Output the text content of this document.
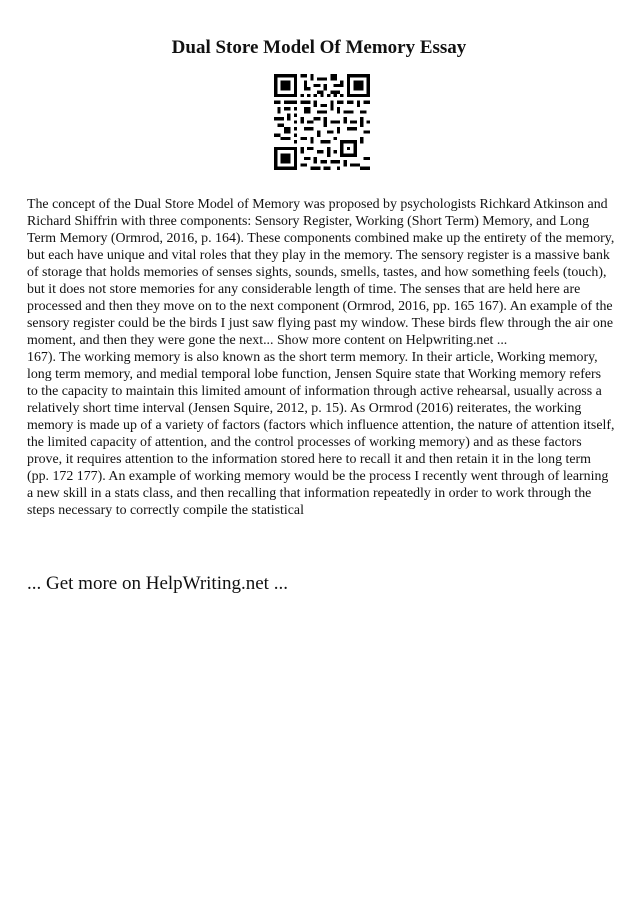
Dual Store Model Of Memory Essay

The concept of the Dual Store Model of Memory was proposed by psychologists Richkard Atkinson and Richard Shiffrin with three components: Sensory Register, Working (Short Term) Memory, and Long Term Memory (Ormrod, 2016, p. 164). These components combined make up the entirety of the memory, but each have unique and vital roles that they play in the memory. The sensory register is a massive bank of storage that holds memories of senses sights, sounds, smells, tastes, and how something feels (touch), but it does not store memories for any considerable length of time. The senses that are held here are processed and then they move on to the next component (Ormrod, 2016, pp. 165 167). An example of the sensory register could be the birds I just saw flying past my window. These birds flew through the air one moment, and then they were gone the next... Show more content on Helpwriting.net ...

167). The working memory is also known as the short term memory. In their article, Working memory, long term memory, and medial temporal lobe function, Jensen Squire state that Working memory refers to the capacity to maintain this limited amount of information through active rehearsal, usually across a relatively short time interval (Jensen Squire, 2012, p. 15). As Ormrod (2016) reiterates, the working memory is made up of a variety of factors (factors which influence attention, the nature of attention itself, the limited capacity of attention, and the control processes of working memory) and as these factors prove, it requires attention to the information stored here to recall it and then retain it in the long term (pp. 172 177). An example of working memory would be the process I recently went through of learning a new skill in a stats class, and then recalling that information repeatedly in order to work through the steps necessary to correctly compile the statistical

... Get more on HelpWriting.net ...
